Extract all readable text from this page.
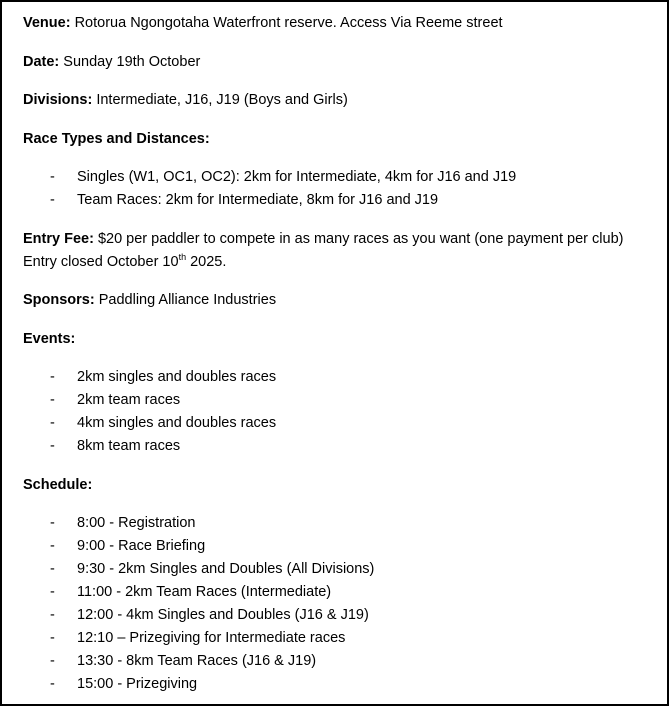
Venue: Rotorua Ngongotaha Waterfront reserve. Access Via Reeme street

Date: Sunday 19th October

Divisions: Intermediate, J16, J19 (Boys and Girls)

Race Types and Distances:

- Singles (W1, OC1, OC2): 2km for Intermediate, 4km for J16 and J19
- Team Races: 2km for Intermediate, 8km for J16 and J19

Entry Fee: $20 per paddler to compete in as many races as you want (one payment per club)

Entry closed October 10th 2025.

Sponsors: Paddling Alliance Industries

Events:

- 2km singles and doubles races
- 2km team races
- 4km singles and doubles races
- 8km team races

Schedule:

- 8:00 - Registration
- 9:00 - Race Briefing
- 9:30 - 2km Singles and Doubles (All Divisions)
- 11:00 - 2km Team Races (Intermediate)
- 12:00 - 4km Singles and Doubles (J16 & J19)
- 12:10 – Prizegiving for Intermediate races
- 13:30 - 8km Team Races (J16 & J19)
- 15:00 - Prizegiving
